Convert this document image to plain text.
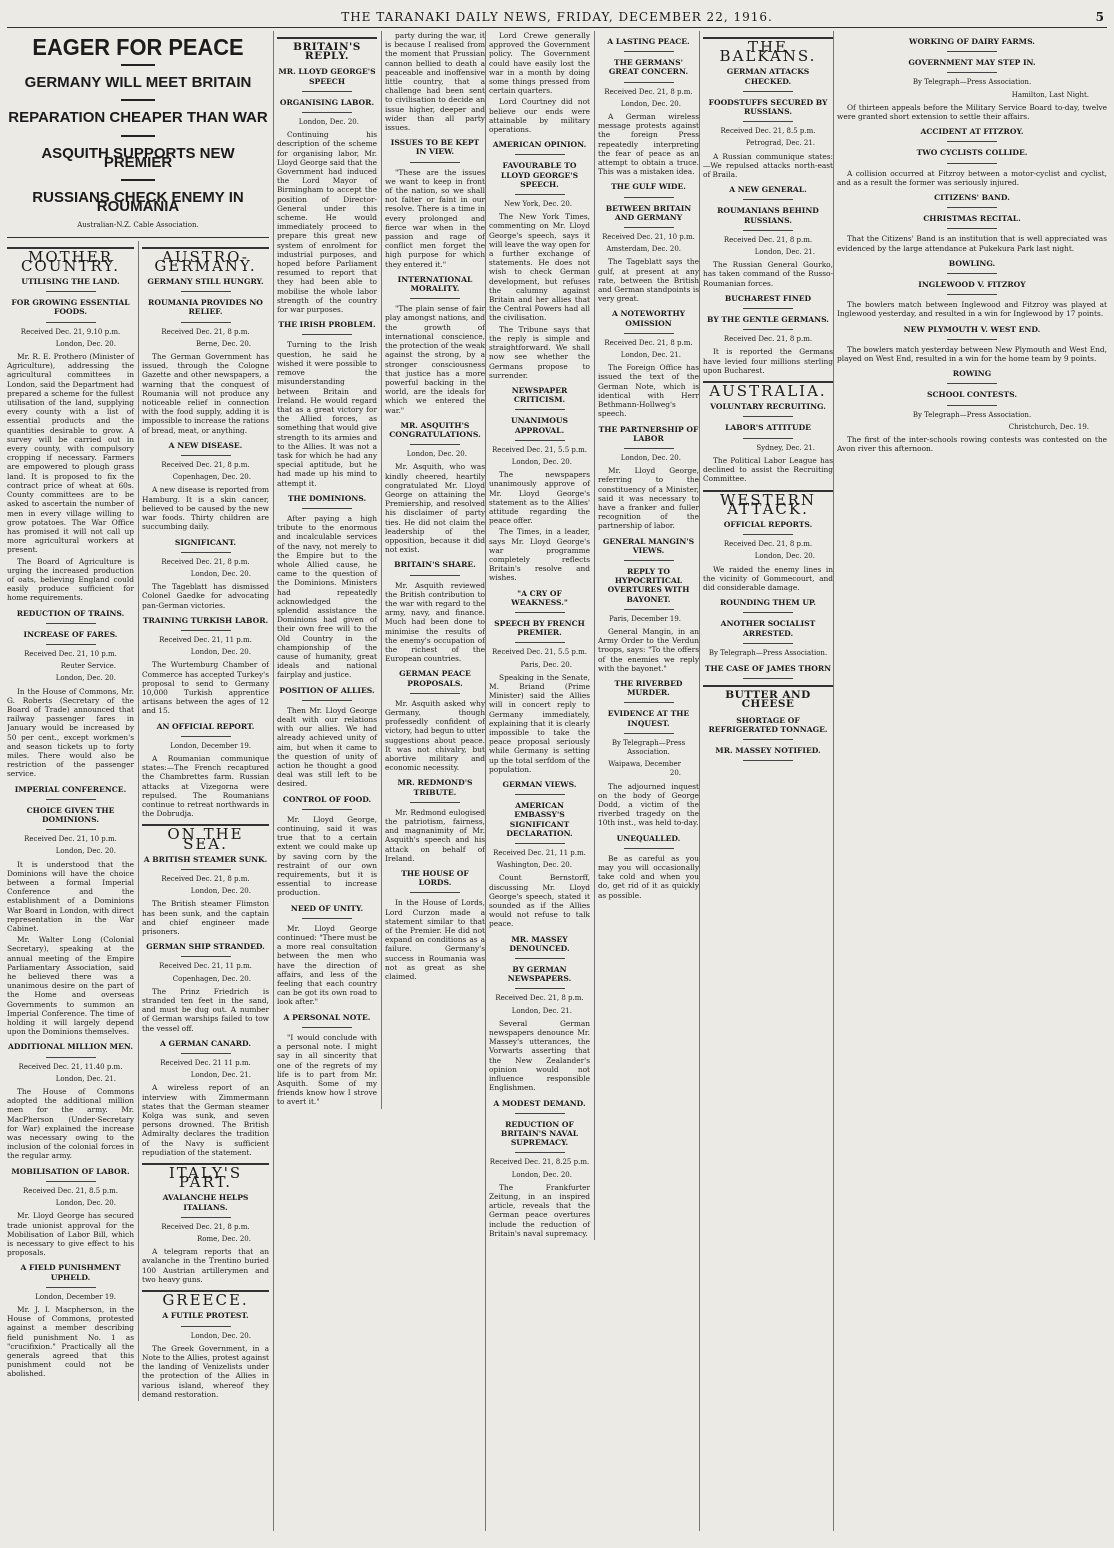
THE TARANAKI DAILY NEWS, FRIDAY, DECEMBER 22, 1916.	5
EAGER FOR PEACE
GERMANY WILL MEET BRITAIN
REPARATION CHEAPER THAN WAR
ASQUITH SUPPORTS NEW PREMIER
RUSSIANS CHECK ENEMY IN ROUMANIA
Australian-N.Z. Cable Association.
MOTHER COUNTRY.
UTILISING THE LAND.
FOR GROWING ESSENTIAL FOODS.
Received Dec. 21, 9.10 p.m.
London, Dec. 20.

Mr. R. E. Prothero (Minister of Agriculture), addressing the agricultural committees in London, said the Department had prepared a scheme for the fullest utilisation of the land, supplying every county with a list of essential products and the quantities desirable to grow. A survey will be carried out in every county, with compulsory cropping if necessary. Farmers are empowered to plough grass land. It is proposed to fix the contract price of wheat at 60s. County committees are to be asked to ascertain the number of men in every village willing to grow potatoes. The War Office has promised it will not call up more agricultural workers at present.

The Board of Agriculture is urging the increased production of oats, believing England could easily produce sufficient for home requirements.

REDUCTION OF TRAINS.
INCREASE OF FARES.
Received Dec. 21, 10 p.m.
Reuter Service.
London, Dec. 20.

In the House of Commons, Mr. G. Roberts (Secretary of the Board of Trade) announced that railway passenger fares in January would be increased by 50 per cent., except workmen's and season tickets up to forty miles. There would also be restriction of the passenger service.

IMPERIAL CONFERENCE.
CHOICE GIVEN THE DOMINIONS.
Received Dec. 21, 10 p.m.
London, Dec. 20.

It is understood that the Dominions will have the choice between a formal Imperial Conference and the establishment of a Dominions War Board in London, with direct representation in the War Cabinet.

Mr. Walter Long (Colonial Secretary), speaking at the annual meeting of the Empire Parliamentary Association, said he believed there was a unanimous desire on the part of the Home and overseas Governments to summon an Imperial Conference. The time of holding it will largely depend upon the Dominions themselves.

ADDITIONAL MILLION MEN.
Received Dec. 21, 11.40 p.m.
London, Dec. 21.

The House of Commons adopted the additional million men for the army. Mr. MacPherson (Under-Secretary for War) explained the increase was necessary owing to the inclusion of the colonial forces in the regular army.

MOBILISATION OF LABOR.
Received Dec. 21, 8.5 p.m.
London, Dec. 20.

Mr. Lloyd George has secured trade unionist approval for the Mobilisation of Labor Bill, which is necessary to give effect to his proposals.

A FIELD PUNISHMENT UPHELD.
London, December 19.

Mr. J. I. Macpherson, in the House of Commons, protested against a member describing field punishment No. 1 as "crucifixion." Practically all the generals agreed that this punishment could not be abolished.

AUSTRO-GERMANY.
GERMANY STILL HUNGRY.
ROUMANIA PROVIDES NO RELIEF.
Received Dec. 21, 8 p.m.
Berne, Dec. 20.

The German Government has issued, through the Cologne Gazette and other newspapers, a warning that the conquest of Roumania will not produce any noticeable relief in connection with the food supply, adding it is impossible to increase the rations of bread, meat, or anything.

A NEW DISEASE.
Received Dec. 21, 8 p.m.
Copenhagen, Dec. 20.

A new disease is reported from Hamburg. It is a skin cancer, believed to be caused by the new war foods. Thirty children are succumbing daily.

SIGNIFICANT.
Received Dec. 21, 8 p.m.
London, Dec. 20.

The Tageblatt has dismissed Colonel Gaedke for advocating pan-German victories.

TRAINING TURKISH LABOR.
Received Dec. 21, 11 p.m.
London, Dec. 20.

The Wurtemburg Chamber of Commerce has accepted Turkey's proposal to send to Germany 10,000 Turkish apprentice artisans between the ages of 12 and 15.

AN OFFICIAL REPORT.
London, December 19.

A Roumanian communique states:—The French recaptured the Chambrettes farm. Russian attacks at Vizegorna were repulsed. The Roumanians continue to retreat northwards in the Dobrudja.

ON THE SEA.
A BRITISH STEAMER SUNK.
Received Dec. 21, 8 p.m.
London, Dec. 20.

The British steamer Flimston has been sunk, and the captain and chief engineer made prisoners.

GERMAN SHIP STRANDED.
Received Dec. 21, 11 p.m.
Copenhagen, Dec. 20.

The Prinz Friedrich is stranded ten feet in the sand, and must be dug out. A number of German warships failed to tow the vessel off.

A GERMAN CANARD.
Received Dec. 21 11 p.m.
London, Dec. 21.

A wireless report of an interview with Zimmermann states that the German steamer Kolga was sunk, and seven persons drowned. The British Admiralty declares the tradition of the Navy is sufficient repudiation of the statement.

ITALY'S PART.
AVALANCHE HELPS ITALIANS.
Received Dec. 21, 8 p.m.
Rome, Dec. 20.

A telegram reports that an avalanche in the Trentino buried 100 Austrian artillerymen and two heavy guns.

GREECE.
A FUTILE PROTEST.
London, Dec. 20.

The Greek Government, in a Note to the Allies, protest against the landing of Venizelists under the protection of the Allies in various island, whereof they demand restoration.

BRITAIN'S REPLY.
MR. LLOYD GEORGE'S SPEECH
ORGANISING LABOR.
London, Dec. 20.

Continuing his description of the scheme for organising labor, Mr. Lloyd George said that the Government had induced the Lord Mayor of Birmingham to accept the position of Director-General under this scheme. He would immediately proceed to prepare this great new system of enrolment for industrial purposes, and hoped before Parliament resumed to report that they had been able to mobilise the whole labor strength of the country for war purposes.

THE IRISH PROBLEM.

Turning to the Irish question, he said he wished it were possible to remove the misunderstanding between Britain and Ireland. He would regard that as a great victory for the Allied forces, as something that would give strength to its armies and to the Allies. It was not a task for which he had any special aptitude, but he had made up his mind to attempt it.

THE DOMINIONS.

After paying a high tribute to the enormous and incalculable services of the navy, not merely to the Empire but to the whole Allied cause, he came to the question of the Dominions. Ministers had repeatedly acknowledged the splendid assistance the Dominions had given of their own free will to the Old Country in the championship of the cause of humanity, great ideals and national fairplay and justice.

POSITION OF ALLIES.

Then Mr. Lloyd George dealt with our relations with our allies. We had already achieved unity of aim, but when it came to the question of unity of action he thought a good deal was still left to be desired.

CONTROL OF FOOD.

Mr. Lloyd George, continuing, said it was true that to a certain extent we could make up by saving corn by the restraint of our own requirements, but it is essential to increase production.

NEED OF UNITY.

Mr. Lloyd George continued: "There must be a more real consultation between the men who have the direction of affairs, and less of the feeling that each country can be got its own road to look after."

A PERSONAL NOTE.

"I would conclude with a personal note. I might say in all sincerity that one of the regrets of my life is to part from Mr. Asquith. Some of my friends know how I strove to avert it."

party during the war, it is because I realised from the moment that Prussian cannon bellied to death a peaceable and inoffensive little country, that a challenge had been sent to civilisation to decide an issue higher, deeper and wider than all party issues.

ISSUES TO BE KEPT IN VIEW.

"These are the issues we want to keep in front of the nation, so we shall not falter or faint in our resolve. There is a time in every prolonged and fierce war when in the passion and rage of conflict men forget the high purpose for which they entered it."

INTERNATIONAL MORALITY.

"The plain sense of fair play amongst nations, and the growth of international conscience, the protection of the weak against the strong, by a stronger consciousness that justice has a more powerful backing in the world, are the ideals for which we entered the war."

MR. ASQUITH'S CONGRATULATIONS.
London, Dec. 20.

Mr. Asquith, who was kindly cheered, heartily congratulated Mr. Lloyd George on attaining the Premiership, and resolved his disclaimer of party ties. He did not claim the leadership of the opposition, because it did not exist.

BRITAIN'S SHARE.

Mr. Asquith reviewed the British contribution to the war with regard to the army, navy, and finance. Much had been done to minimise the results of the enemy's occupation of the richest of the European countries.

GERMAN PEACE PROPOSALS.

Mr. Asquith asked why Germany, though professedly confident of victory, had begun to utter suggestions about peace. It was not chivalry, but abortive military and economic necessity.

MR. REDMOND'S TRIBUTE.

Mr. Redmond eulogised the patriotism, fairness, and magnanimity of Mr. Asquith's speech and his attack on behalf of Ireland.

THE HOUSE OF LORDS.

In the House of Lords, Lord Curzon made a statement similar to that of the Premier. He did not expand on conditions as a failure. Germany's success in Roumania was not as great as she claimed.

Lord Crewe generally approved the Government policy. The Government could have easily lost the war in a month by doing some things pressed from certain quarters.

Lord Courtney did not believe our ends were attainable by military operations.

AMERICAN OPINION.
FAVOURABLE TO LLOYD GEORGE'S SPEECH.
New York, Dec. 20.

The New York Times, commenting on Mr. Lloyd George's speech, says it will leave the way open for a further exchange of statements. He does not wish to check German development, but refuses the calumny against Britain and her allies that the Central Powers had all the civilisation.

The Tribune says that the reply is simple and straightforward. We shall now see whether the Germans propose to surrender.

NEWSPAPER CRITICISM.
UNANIMOUS APPROVAL.
Received Dec. 21, 5.5 p.m.
London, Dec. 20.

The newspapers unanimously approve of Mr. Lloyd George's statement as to the Allies' attitude regarding the peace offer.

The Times, in a leader, says Mr. Lloyd George's war programme completely reflects Britain's resolve and wishes.

"A CRY OF WEAKNESS."
SPEECH BY FRENCH PREMIER.
Received Dec. 21, 5.5 p.m.
Paris, Dec. 20.

Speaking in the Senate, M. Briand (Prime Minister) said the Allies will in concert reply to Germany immediately, explaining that it is clearly impossible to take the peace proposal seriously while Germany is setting up the total serfdom of the population.

GERMAN VIEWS.
AMERICAN EMBASSY'S SIGNIFICANT DECLARATION.
Received Dec. 21, 11 p.m.
Washington, Dec. 20.

Count Bernstorff, discussing Mr. Lloyd George's speech, stated it sounded as if the Allies would not refuse to talk peace.

MR. MASSEY DENOUNCED.
BY GERMAN NEWSPAPERS.
Received Dec. 21, 8 p.m.
London, Dec. 21.

Several German newspapers denounce Mr. Massey's utterances, the Vorwarts asserting that the New Zealander's opinion would not influence responsible Englishmen.

A MODEST DEMAND.
REDUCTION OF BRITAIN'S NAVAL SUPREMACY.
Received Dec. 21, 8.25 p.m.
London, Dec. 20.

The Frankfurter Zeitung, in an inspired article, reveals that the German peace overtures include the reduction of Britain's naval supremacy.

A LASTING PEACE.
THE GERMANS' GREAT CONCERN.
Received Dec. 21, 8 p.m.
London, Dec. 20.

A German wireless message protests against the foreign Press repeatedly interpreting the fear of peace as an attempt to obtain a truce. This was a mistaken idea.

THE GULF WIDE.
BETWEEN BRITAIN AND GERMANY
Received Dec. 21, 10 p.m.
Amsterdam, Dec. 20.

The Tageblatt says the gulf, at present at any rate, between the British and German standpoints is very great.

A NOTEWORTHY OMISSION
Received Dec. 21, 8 p.m.
London, Dec. 21.

The Foreign Office has issued the text of the German Note, which is identical with Herr Bethmann-Hollweg's speech.

THE PARTNERSHIP OF LABOR
London, Dec. 20.

Mr. Lloyd George, referring to the constituency of a Minister, said it was necessary to have a franker and fuller recognition of the partnership of labor.

GENERAL MANGIN'S VIEWS.
REPLY TO HYPOCRITICAL OVERTURES WITH BAYONET.
Paris, December 19.

General Mangin, in an Army Order to the Verdun troops, says: "To the offers of the enemies we reply with the bayonet."

THE RIVERBED MURDER.
EVIDENCE AT THE INQUEST.
By Telegraph—Press Association.
Waipawa, December 20.

The adjourned inquest on the body of George Dodd, a victim of the riverbed tragedy on the 10th inst., was held to-day.

UNEQUALLED.

Be as careful as you may you will occasionally take cold and when you do, get rid of it as quickly as possible.

THE BALKANS.
GERMAN ATTACKS CHECKED.
FOODSTUFFS SECURED BY RUSSIANS.
Received Dec. 21, 8.5 p.m.
Petrograd, Dec. 21.

A Russian communique states:—We repulsed attacks north-east of Braila.

A NEW GENERAL.
ROUMANIANS BEHIND RUSSIANS.
Received Dec. 21, 8 p.m.
London, Dec. 21.

The Russian General Gourko, has taken command of the Russo-Roumanian forces.

BUCHAREST FINED
BY THE GENTLE GERMANS.
Received Dec. 21, 8 p.m.

It is reported the Germans have levied four millions sterling upon Bucharest.

AUSTRALIA.
VOLUNTARY RECRUITING.
LABOR'S ATTITUDE
Sydney, Dec. 21.

The Political Labor League has declined to assist the Recruiting Committee.

WESTERN ATTACK.
OFFICIAL REPORTS.
Received Dec. 21, 8 p.m.
London, Dec. 20.

We raided the enemy lines in the vicinity of Gommecourt, and did considerable damage.

ROUNDING THEM UP.
ANOTHER SOCIALIST ARRESTED.
By Telegraph—Press Association.
THE CASE OF JAMES THORN
BUTTER AND CHEESE
SHORTAGE OF REFRIGERATED TONNAGE.
MR. MASSEY NOTIFIED.
WORKING OF DAIRY FARMS.
GOVERNMENT MAY STEP IN.
By Telegraph—Press Association.
Hamilton, Last Night.

Of thirteen appeals before the Military Service Board to-day, twelve were granted short extension to settle their affairs.

ACCIDENT AT FITZROY.
TWO CYCLISTS COLLIDE.

A collision occurred at Fitzroy between a motor-cyclist and cyclist, and as a result the former was seriously injured.

CITIZENS' BAND.
CHRISTMAS RECITAL.

That the Citizens' Band is an institution that is well appreciated was evidenced by the large attendance at Pukekura Park last night.

BOWLING.
INGLEWOOD V. FITZROY

The bowlers match between Inglewood and Fitzroy was played at Inglewood yesterday, and resulted in a win for Inglewood by 17 points.

NEW PLYMOUTH V. WEST END.

The bowlers match yesterday between New Plymouth and West End, played on West End, resulted in a win for the home team by 9 points.

ROWING
SCHOOL CONTESTS.
By Telegraph—Press Association.
Christchurch, Dec. 19.

The first of the inter-schools rowing contests was contested on the Avon river this afternoon.
